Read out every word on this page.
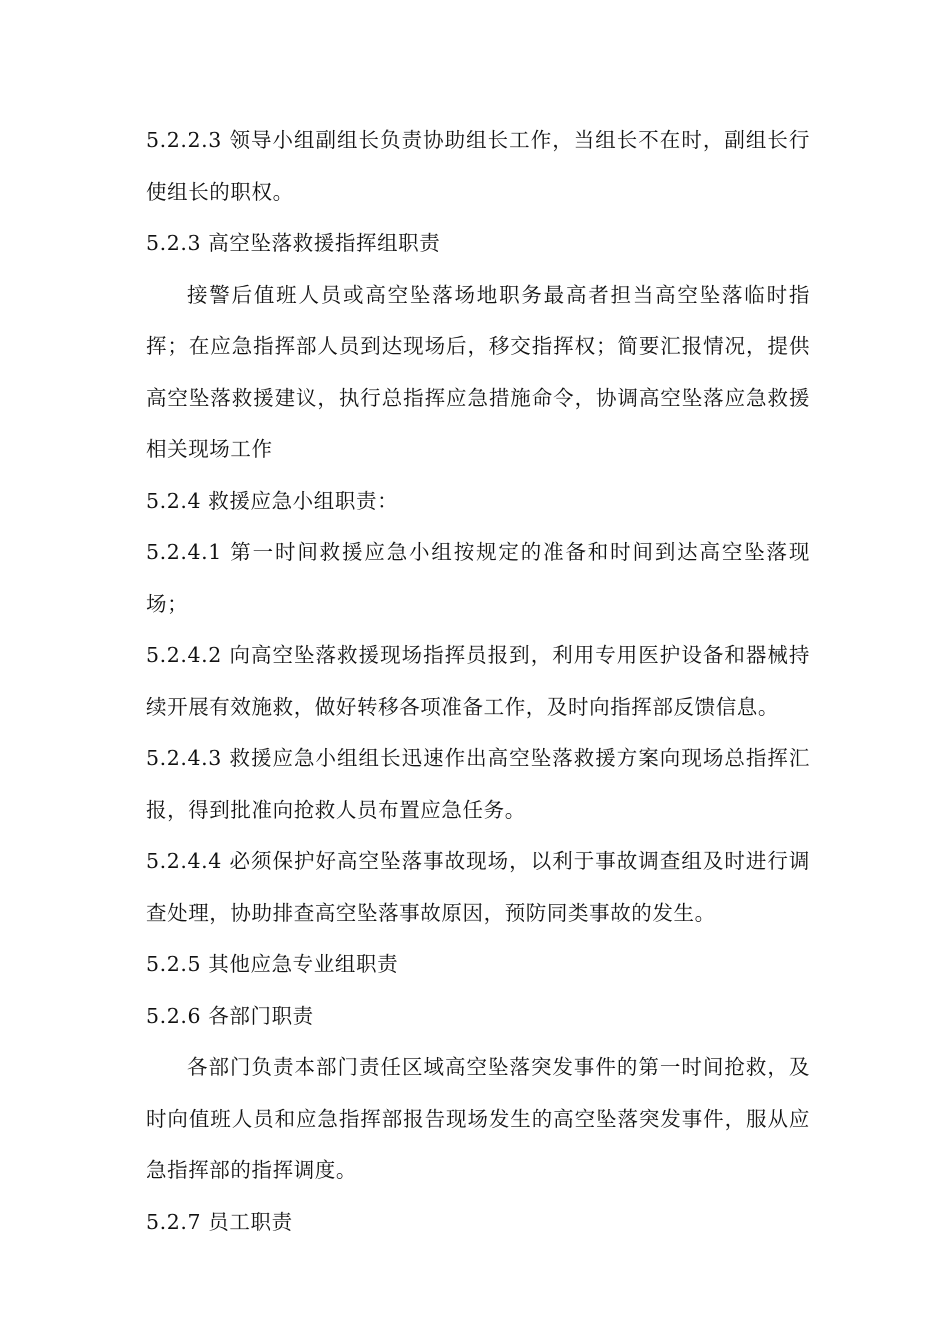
5.2.2.3 领导小组副组长负责协助组长工作，当组长不在时，副组长行使组长的职权。

5.2.3 高空坠落救援指挥组职责

接警后值班人员或高空坠落场地职务最高者担当高空坠落临时指挥；在应急指挥部人员到达现场后，移交指挥权；简要汇报情况，提供高空坠落救援建议，执行总指挥应急措施命令，协调高空坠落应急救援相关现场工作

5.2.4 救援应急小组职责：

5.2.4.1 第一时间救援应急小组按规定的准备和时间到达高空坠落现场；

5.2.4.2 向高空坠落救援现场指挥员报到，利用专用医护设备和器械持续开展有效施救，做好转移各项准备工作，及时向指挥部反馈信息。

5.2.4.3 救援应急小组组长迅速作出高空坠落救援方案向现场总指挥汇报，得到批准向抢救人员布置应急任务。

5.2.4.4 必须保护好高空坠落事故现场，以利于事故调查组及时进行调查处理，协助排查高空坠落事故原因，预防同类事故的发生。

5.2.5 其他应急专业组职责

5.2.6 各部门职责

各部门负责本部门责任区域高空坠落突发事件的第一时间抢救，及时向值班人员和应急指挥部报告现场发生的高空坠落突发事件，服从应急指挥部的指挥调度。

5.2.7 员工职责
